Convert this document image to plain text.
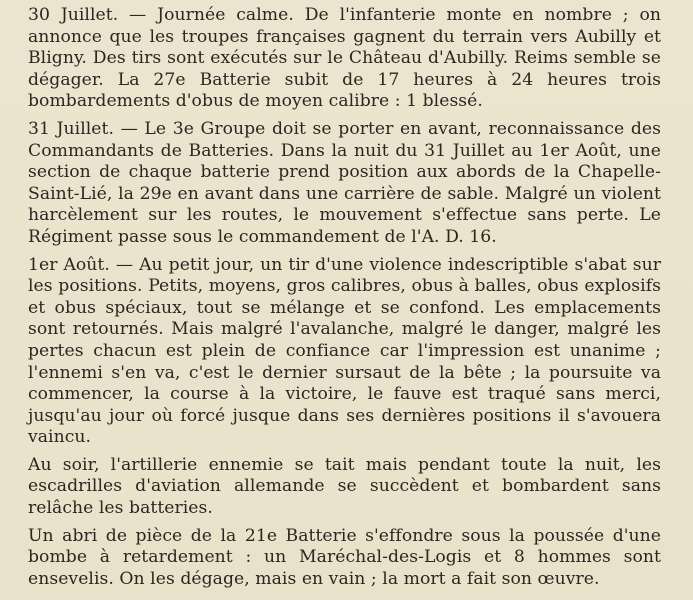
30 Juillet. — Journée calme. De l'infanterie monte en nombre ; on annonce que les troupes françaises gagnent du terrain vers Aubilly et Bligny. Des tirs sont exécutés sur le Château d'Aubilly. Reims semble se dégager. La 27e Batterie subit de 17 heures à 24 heures trois bombardements d'obus de moyen calibre : 1 blessé.

31 Juillet. — Le 3e Groupe doit se porter en avant, reconnaissance des Commandants de Batteries. Dans la nuit du 31 Juillet au 1er Août, une section de chaque batterie prend position aux abords de la Chapelle-Saint-Lié, la 29e en avant dans une carrière de sable. Malgré un violent harcèlement sur les routes, le mouvement s'effectue sans perte. Le Régiment passe sous le commandement de l'A. D. 16.

1er Août. — Au petit jour, un tir d'une violence indescriptible s'abat sur les positions. Petits, moyens, gros calibres, obus à balles, obus explosifs et obus spéciaux, tout se mélange et se confond. Les emplacements sont retournés. Mais malgré l'avalanche, malgré le danger, malgré les pertes chacun est plein de confiance car l'impression est unanime ; l'ennemi s'en va, c'est le dernier sursaut de la bête ; la poursuite va commencer, la course à la victoire, le fauve est traqué sans merci, jusqu'au jour où forcé jusque dans ses dernières positions il s'avouera vaincu.

Au soir, l'artillerie ennemie se tait mais pendant toute la nuit, les escadrilles d'aviation allemande se succèdent et bombardent sans relâche les batteries.

Un abri de pièce de la 21e Batterie s'effondre sous la poussée d'une bombe à retardement : un Maréchal-des-Logis et 8 hommes sont ensevelis. On les dégage, mais en vain ; la mort a fait son œuvre.
